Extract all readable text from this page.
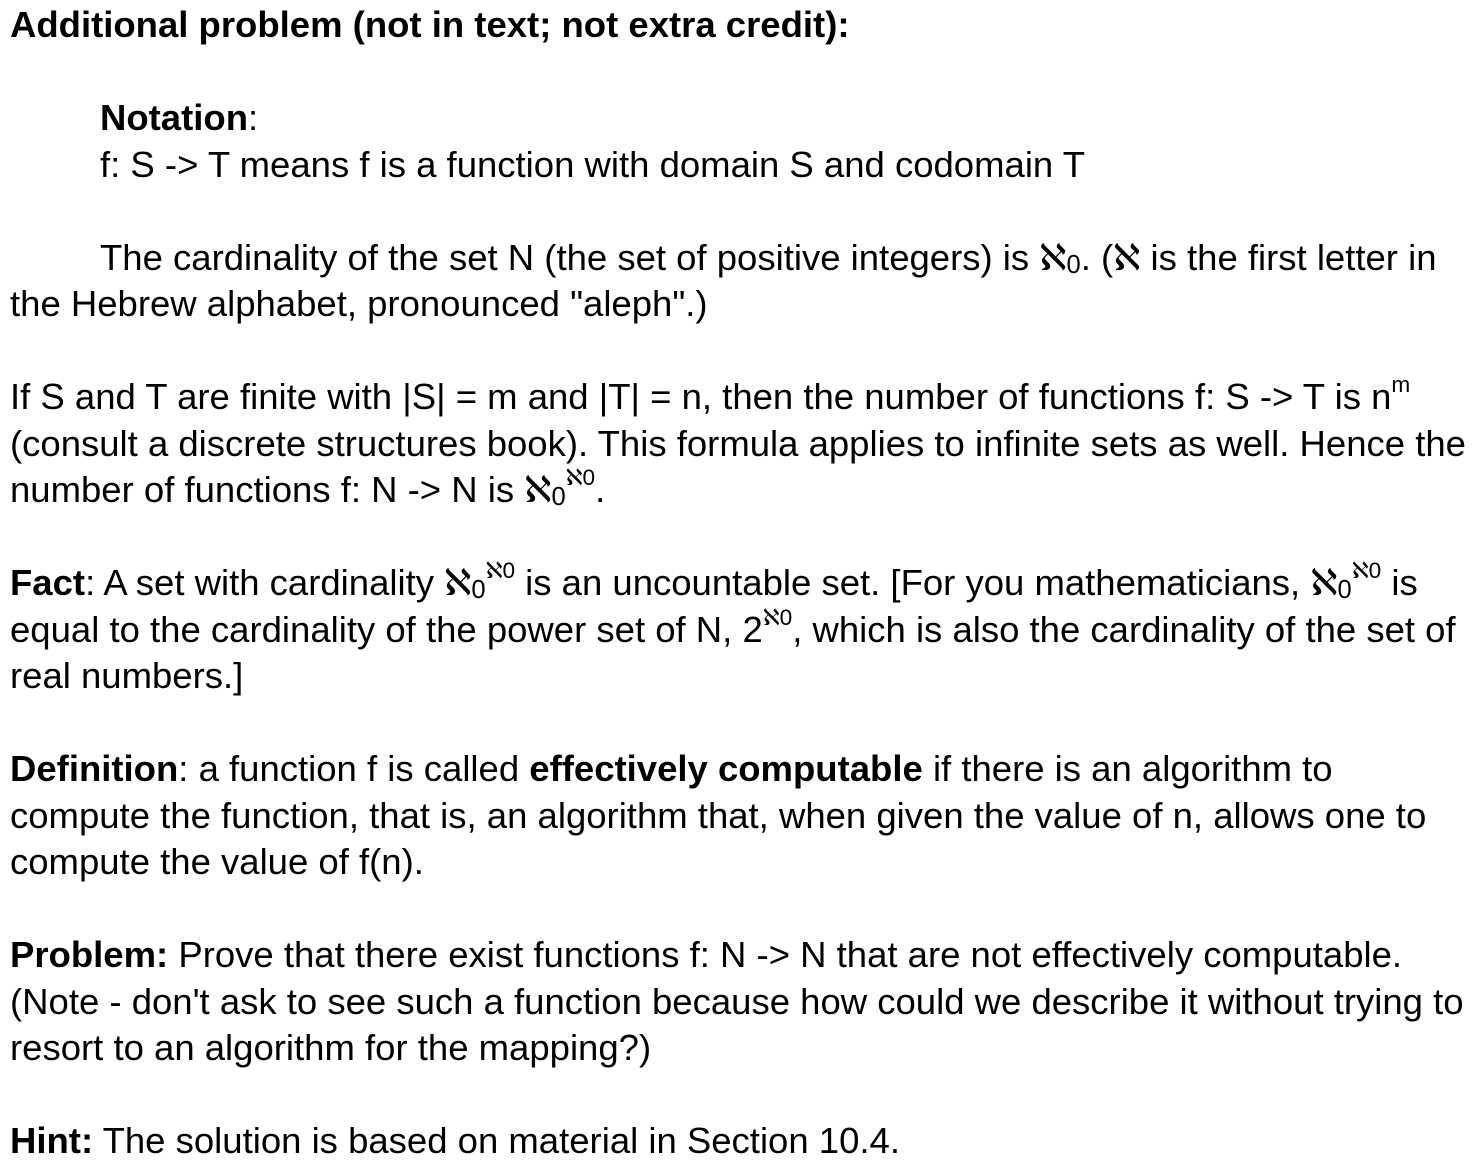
Additional problem (not in text; not extra credit):

Notation:

f: S -> T means f is a function with domain S and codomain T

The cardinality of the set N (the set of positive integers) is ℵ$_0$. (ℵ is the first letter in the Hebrew alphabet, pronounced "aleph".)

If S and T are finite with |S| = m and |T| = n, then the number of functions f: S -> T is $n^m$ (consult a discrete structures book). This formula applies to infinite sets as well. Hence the number of functions f: N -> N is ℵ$_0^{ℵ0}$.

Fact: A set with cardinality ℵ$_0^{ℵ0}$ is an uncountable set. [For you mathematicians, ℵ$_0^{ℵ0}$ is equal to the cardinality of the power set of N, $2^{ℵ0}$, which is also the cardinality of the set of real numbers.]

Definition: a function f is called effectively computable if there is an algorithm to compute the function, that is, an algorithm that, when given the value of n, allows one to compute the value of f(n).

Problem: Prove that there exist functions f: N -> N that are not effectively computable. (Note - don't ask to see such a function because how could we describe it without trying to resort to an algorithm for the mapping?)

Hint: The solution is based on material in Section 10.4.
